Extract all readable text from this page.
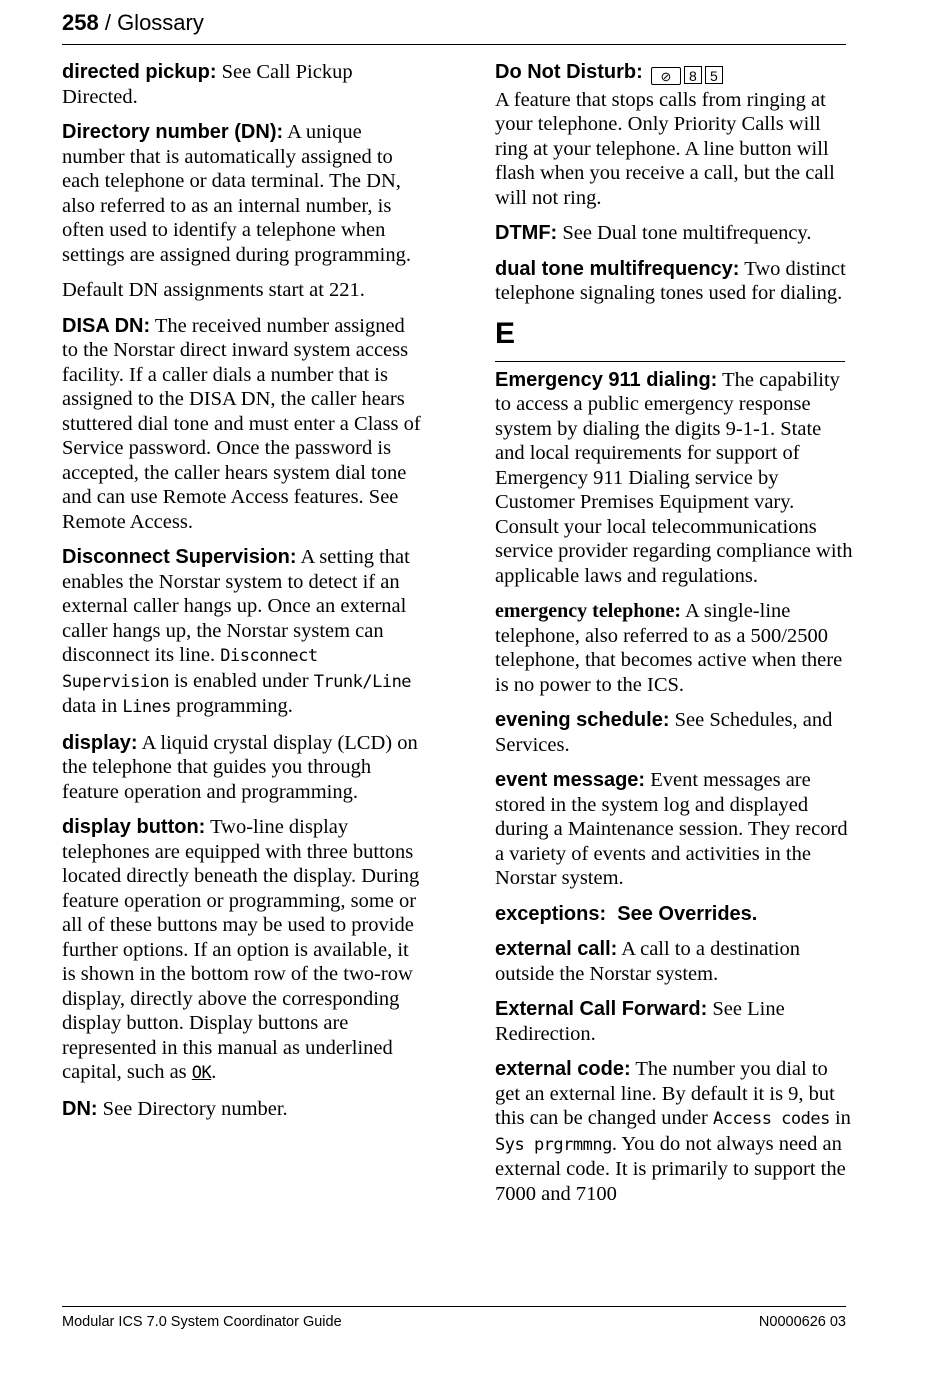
258 / Glossary

directed pickup: See Call Pickup Directed.

Directory number (DN): A unique number that is automatically assigned to each telephone or data terminal. The DN, also referred to as an internal number, is often used to identify a telephone when settings are assigned during programming.

Default DN assignments start at 221.

DISA DN: The received number assigned to the Norstar direct inward system access facility. If a caller dials a number that is assigned to the DISA DN, the caller hears stuttered dial tone and must enter a Class of Service password. Once the password is accepted, the caller hears system dial tone and can use Remote Access features. See Remote Access.

Disconnect Supervision: A setting that enables the Norstar system to detect if an external caller hangs up. Once an external caller hangs up, the Norstar system can disconnect its line. Disconnect Supervision is enabled under Trunk/Line data in Lines programming.

display: A liquid crystal display (LCD) on the telephone that guides you through feature operation and programming.

display button: Two-line display telephones are equipped with three buttons located directly beneath the display. During feature operation or programming, some or all of these buttons may be used to provide further options. If an option is available, it is shown in the bottom row of the two-row display, directly above the corresponding display button. Display buttons are represented in this manual as underlined capital, such as OK.

DN: See Directory number.

Do Not Disturb: ⊘ 8 5

A feature that stops calls from ringing at your telephone. Only Priority Calls will ring at your telephone. A line button will flash when you receive a call, but the call will not ring.

DTMF: See Dual tone multifrequency.

dual tone multifrequency: Two distinct telephone signaling tones used for dialing.

E

Emergency 911 dialing: The capability to access a public emergency response system by dialing the digits 9-1-1. State and local requirements for support of Emergency 911 Dialing service by Customer Premises Equipment vary. Consult your local telecommunications service provider regarding compliance with applicable laws and regulations.

emergency telephone: A single-line telephone, also referred to as a 500/2500 telephone, that becomes active when there is no power to the ICS.

evening schedule: See Schedules, and Services.

event message: Event messages are stored in the system log and displayed during a Maintenance session. They record a variety of events and activities in the Norstar system.

exceptions:  See Overrides.

external call: A call to a destination outside the Norstar system.

External Call Forward: See Line Redirection.

external code: The number you dial to get an external line. By default it is 9, but this can be changed under Access codes in Sys prgrmmng. You do not always need an external code. It is primarily to support the 7000 and 7100

Modular ICS 7.0 System Coordinator Guide	N0000626 03
